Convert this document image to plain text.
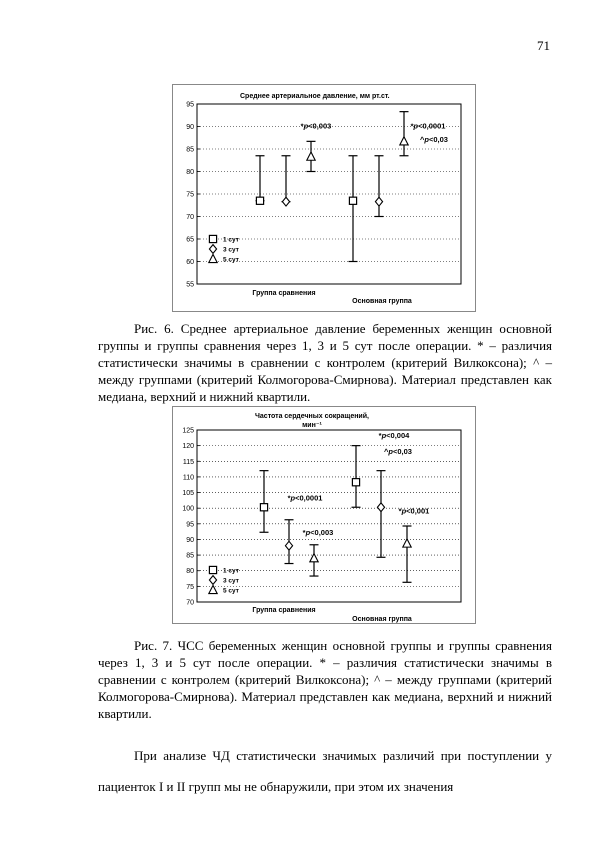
71
55
60
65
70
75
80
85
90
95
Среднее артериальное давление, мм рт.ст.
*p<0,003	*p<0,0001
^p<0,03
1 сут
3 сут
5 сут
Группа сравнения
Основная группа

Рис. 6. Среднее артериальное давление беременных женщин основной группы и группы сравнения через 1, 3 и 5 сут после операции. * – различия статистически значимы в сравнении с контролем (критерий Вилкоксона); ^ – между группами (критерий Колмогорова-Смирнова). Материал представлен как медиана, верхний и нижний квартили.

70
75
80
85
90
95
100
105
110
115
120
125
Частота сердечных сокращений,
мин⁻¹
*p<0,0001
*p<0,003
*p<0,004
^p<0,03
*p<0,001
1 сут
3 сут
5 сут
Группа сравнения
Основная группа

Рис. 7. ЧСС беременных женщин основной группы и группы сравнения через 1, 3 и 5 сут после операции. * – различия статистически значимы в сравнении с контролем (критерий Вилкоксона); ^ – между группами (критерий Колмогорова-Смирнова). Материал представлен как медиана, верхний и нижний квартили.

При анализе ЧД статистически значимых различий при поступлении у пациенток I и II групп мы не обнаружили, при этом их значения
